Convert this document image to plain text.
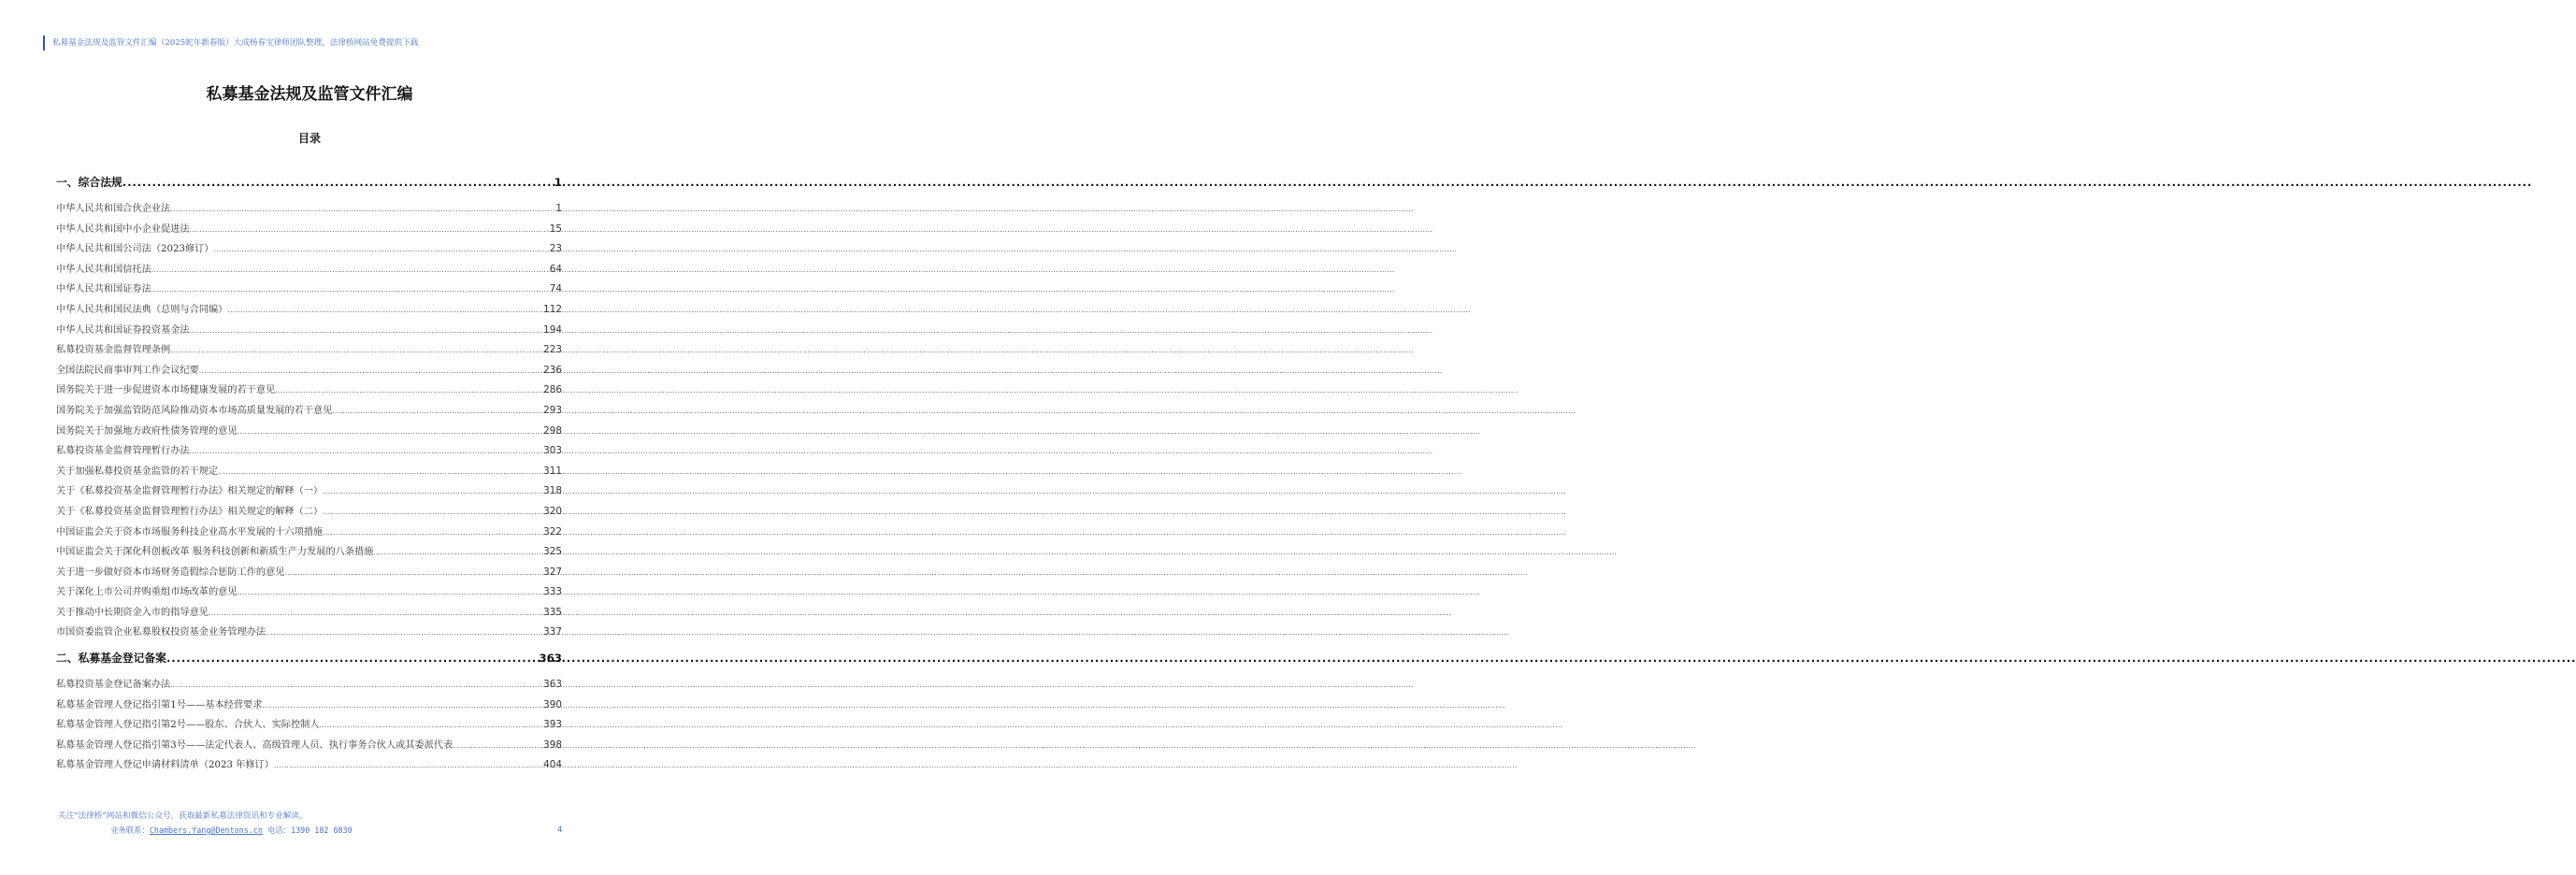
私募基金法规及监管文件汇编（2025蛇年新春版）大成杨春宝律师团队整理，法律桥网站免费提供下载
私募基金法规及监管文件汇编
目录
一、综合法规 .....	1
中华人民共和国合伙企业法 .....	1
中华人民共和国中小企业促进法 .....	15
中华人民共和国公司法（2023修订） .....	23
中华人民共和国信托法 .....	64
中华人民共和国证券法 .....	74
中华人民共和国民法典（总则与合同编） .....	112
中华人民共和国证券投资基金法 .....	194
私募投资基金监督管理条例 .....	223
全国法院民商事审判工作会议纪要 .....	236
国务院关于进一步促进资本市场健康发展的若干意见 .....	286
国务院关于加强监管防范风险推动资本市场高质量发展的若干意见 .....	293
国务院关于加强地方政府性债务管理的意见 .....	298
私募投资基金监督管理暂行办法 .....	303
关于加强私募投资基金监管的若干规定 .....	311
关于《私募投资基金监督管理暂行办法》相关规定的解释（一） .....	318
关于《私募投资基金监督管理暂行办法》相关规定的解释（二） .....	320
中国证监会关于资本市场服务科技企业高水平发展的十六项措施 .....	322
中国证监会关于深化科创板改革 服务科技创新和新质生产力发展的八条措施 .....	325
关于进一步做好资本市场财务造假综合惩防工作的意见 .....	327
关于深化上市公司并购重组市场改革的意见 .....	333
关于推动中长期资金入市的指导意见 .....	335
市国资委监管企业私募股权投资基金业务管理办法 .....	337
二、私募基金登记备案 .....	363
私募投资基金登记备案办法 .....	363
私募基金管理人登记指引第1号——基本经营要求 .....	390
私募基金管理人登记指引第2号——股东、合伙人、实际控制人 .....	393
私募基金管理人登记指引第3号——法定代表人、高级管理人员、执行事务合伙人或其委派代表 .....	398
私募基金管理人登记申请材料清单（2023 年修订） .....	404
关注“法律桥”网站和微信公众号，获取最新私募法律资讯和专业解读。
业务联系：Chambers.Yang@Dentons.cn 电话：1390 182 6830	4
